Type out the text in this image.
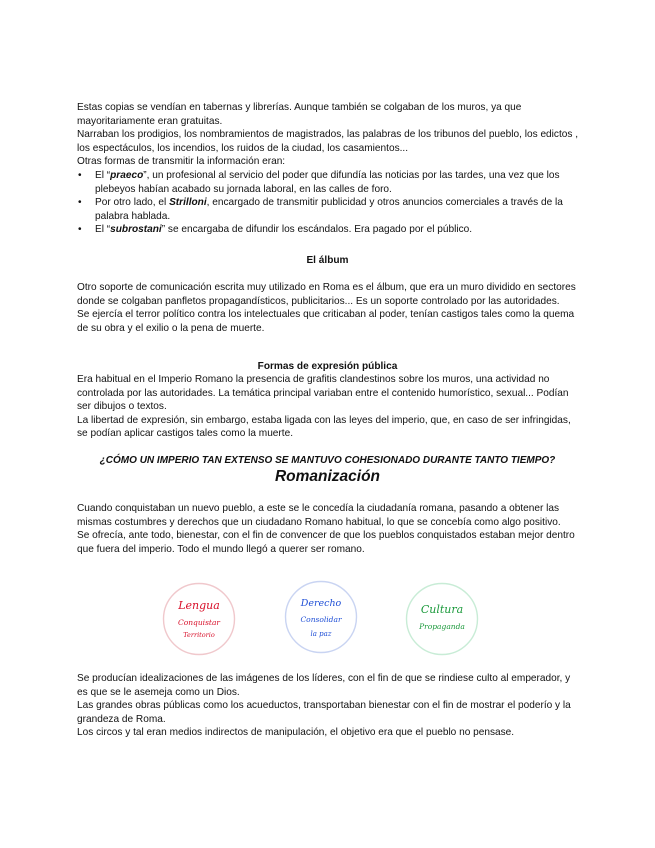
Estas copias se vendían en tabernas y librerías. Aunque también se colgaban de los muros, ya que mayoritariamente eran gratuitas.

Narraban los prodigios, los nombramientos de magistrados, las palabras de los tribunos del pueblo, los edictos , los espectáculos, los incendios, los ruidos de la ciudad, los casamientos...

Otras formas de transmitir la información eran:

• El “praeco”, un profesional al servicio del poder que difundía las noticias por las tardes, una vez que los plebeyos habían acabado su jornada laboral, en las calles de foro.
• Por otro lado, el Strilloni, encargado de transmitir publicidad y otros anuncios comerciales a través de la palabra hablada.
• El “subrostani” se encargaba de difundir los escándalos. Era pagado por el público.
El álbum

Otro soporte de comunicación escrita muy utilizado en Roma es el álbum, que era un muro dividido en sectores donde se colgaban panfletos propagandísticos, publicitarios... Es un soporte controlado por las autoridades.

Se ejercía el terror político contra los intelectuales que criticaban al poder, tenían castigos tales como la quema de su obra y el exilio o la pena de muerte.

Formas de expresión pública

Era habitual en el Imperio Romano la presencia de grafitis clandestinos sobre los muros, una actividad no controlada por las autoridades. La temática principal variaban entre el contenido humorístico, sexual... Podían ser dibujos o textos.

La libertad de expresión, sin embargo, estaba ligada con las leyes del imperio, que, en caso de ser infringidas, se podían aplicar castigos tales como la muerte.

¿CÓMO UN IMPERIO TAN EXTENSO SE MANTUVO COHESIONADO DURANTE TANTO TIEMPO?
Romanización

Cuando conquistaban un nuevo pueblo, a este se le concedía la ciudadanía romana, pasando a obtener las mismas costumbres y derechos que un ciudadano Romano habitual, lo que se concebía como algo positivo.

Se ofrecía, ante todo, bienestar, con el fin de convencer de que los pueblos conquistados estaban mejor dentro que fuera del imperio. Todo el mundo llegó a querer ser romano.

Lengua
Conquistar
Territorio
Derecho
Consolidar
la paz
Cultura
Propaganda

Se producían idealizaciones de las imágenes de los líderes, con el fin de que se rindiese culto al emperador, y es que se le asemeja como un Dios.

Las grandes obras públicas como los acueductos, transportaban bienestar con el fin de mostrar el poderío y la grandeza de Roma.

Los circos y tal eran medios indirectos de manipulación, el objetivo era que el pueblo no pensase.
